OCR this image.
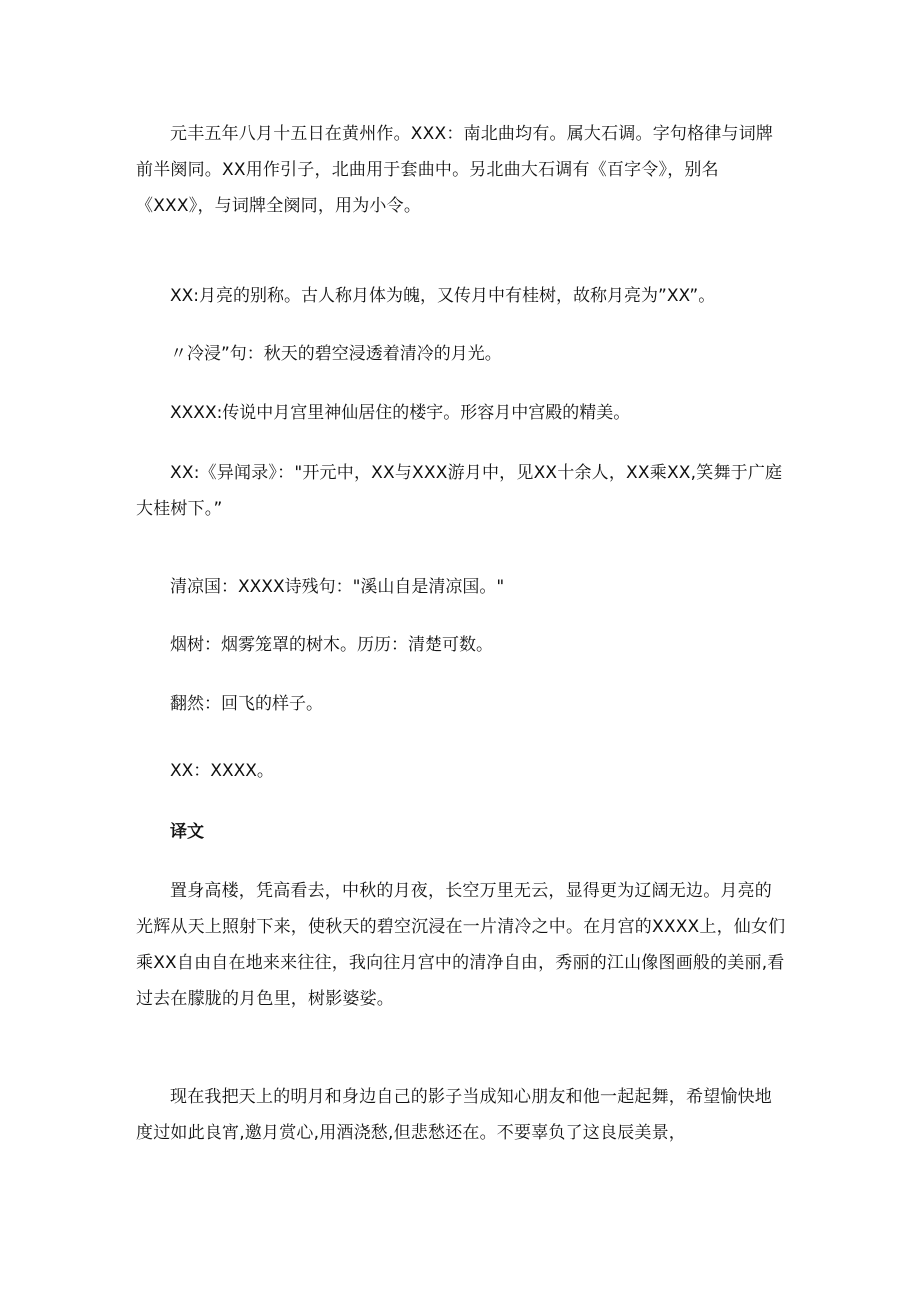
元丰五年八月十五日在黄州作。XXX：南北曲均有。属大石调。字句格律与词牌前半阕同。XX用作引子，北曲用于套曲中。另北曲大石调有《百字令》，别名《XXX》，与词牌全阕同，用为小令。

XX:月亮的别称。古人称月体为魄，又传月中有桂树，故称月亮为”XX”。

〃冷浸”句：秋天的碧空浸透着清冷的月光。

XXXX:传说中月宫里神仙居住的楼宇。形容月中宫殿的精美。

XX:《异闻录》："开元中，XX与XXX游月中，见XX十余人，XX乘XX,笑舞于广庭大桂树下。”

清凉国：XXXX诗残句："溪山自是清凉国。"

烟树：烟雾笼罩的树木。历历：清楚可数。

翻然：回飞的样子。

XX：XXXX。

译文

置身高楼，凭高看去，中秋的月夜，长空万里无云，显得更为辽阔无边。月亮的光辉从天上照射下来，使秋天的碧空沉浸在一片清冷之中。在月宫的XXXX上，仙女们乘XX自由自在地来来往往，我向往月宫中的清净自由，秀丽的江山像图画般的美丽,看过去在朦胧的月色里，树影婆娑。

现在我把天上的明月和身边自己的影子当成知心朋友和他一起起舞，希望愉快地度过如此良宵,邀月赏心,用酒浇愁,但悲愁还在。不要辜负了这良辰美景，
